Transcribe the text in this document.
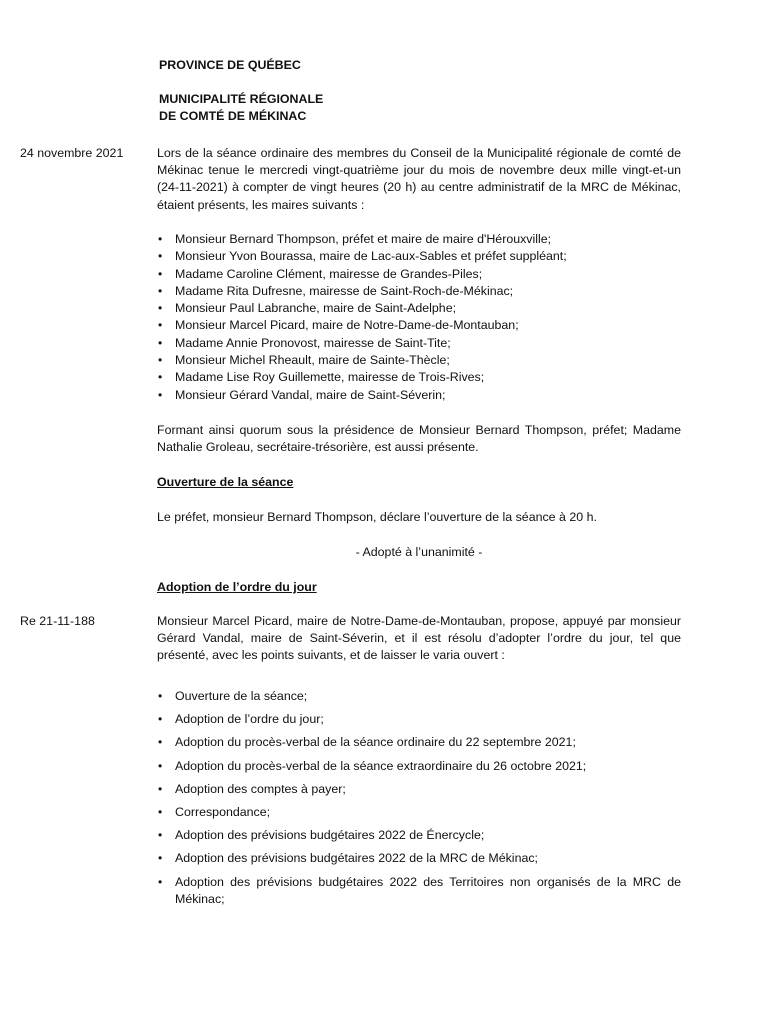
PROVINCE DE QUÉBEC
MUNICIPALITÉ RÉGIONALE
DE COMTÉ DE MÉKINAC
24 novembre 2021
Re 21-11-188
Lors de la séance ordinaire des membres du Conseil de la Municipalité régionale de comté de Mékinac tenue le mercredi vingt-quatrième jour du mois de novembre deux mille vingt-et-un (24-11-2021) à compter de vingt heures (20 h) au centre administratif de la MRC de Mékinac, étaient présents, les maires suivants :
• Monsieur Bernard Thompson, préfet et maire de maire d'Hérouxville;
• Monsieur Yvon Bourassa, maire de Lac-aux-Sables et préfet suppléant;
• Madame Caroline Clément, mairesse de Grandes-Piles;
• Madame Rita Dufresne, mairesse de Saint-Roch-de-Mékinac;
• Monsieur Paul Labranche, maire de Saint-Adelphe;
• Monsieur Marcel Picard, maire de Notre-Dame-de-Montauban;
• Madame Annie Pronovost, mairesse de Saint-Tite;
• Monsieur Michel Rheault, maire de Sainte-Thècle;
• Madame Lise Roy Guillemette, mairesse de Trois-Rives;
• Monsieur Gérard Vandal, maire de Saint-Séverin;
Formant ainsi quorum sous la présidence de Monsieur Bernard Thompson, préfet; Madame Nathalie Groleau, secrétaire-trésorière, est aussi présente.
Ouverture de la séance
Le préfet, monsieur Bernard Thompson, déclare l’ouverture de la séance à 20 h.
- Adopté à l’unanimité -
Adoption de l’ordre du jour
Monsieur Marcel Picard, maire de Notre-Dame-de-Montauban, propose, appuyé par monsieur Gérard Vandal, maire de Saint-Séverin, et il est résolu d’adopter l’ordre du jour, tel que présenté, avec les points suivants, et de laisser le varia ouvert :
• Ouverture de la séance;
• Adoption de l’ordre du jour;
• Adoption du procès-verbal de la séance ordinaire du 22 septembre 2021;
• Adoption du procès-verbal de la séance extraordinaire du 26 octobre 2021;
• Adoption des comptes à payer;
• Correspondance;
• Adoption des prévisions budgétaires 2022 de Énercycle;
• Adoption des prévisions budgétaires 2022 de la MRC de Mékinac;
• Adoption des prévisions budgétaires 2022 des Territoires non organisés de la MRC de Mékinac;
